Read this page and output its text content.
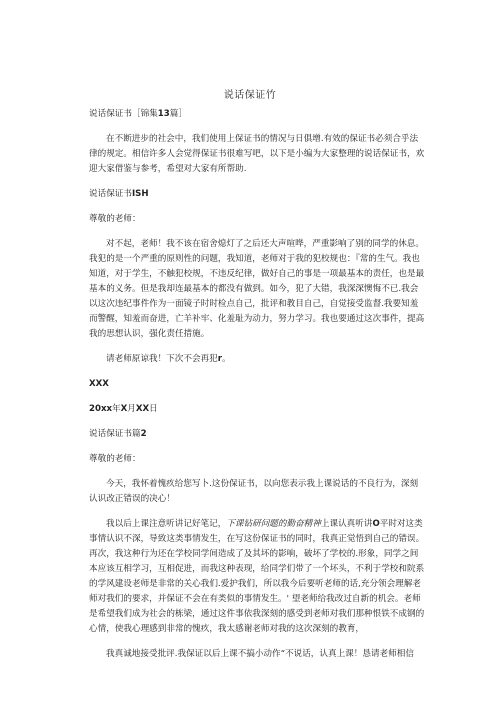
说话保证竹

说话保证书［锦集13篇］

在不断进步的社会中，我们使用上保证书的情况与日俱增.有效的保证书必须合乎法律的规定。相信许多人会觉得保证书很难写吧，以下是小编为大家整理的说话保证书，欢迎大家借鉴与参考，希望对大家有所帮助.

说话保证书ISH

尊敬的老师：

对不起，老师！我不该在宿舍熄灯了之后还大声喧哗，严重影响了别的同学的休息。我犯的是一个严重的原则性的问题，我知道，老师对于我的犯校规也：『常的生气。我也知道，对于学生，不触犯校规，不违反纪律，做好自己的事是一项最基本的责任，也是最基本的义务。但是我却连最基本的都没有做到。如今，犯了大错，我深深懊悔不已.我会以这次违纪事件作为一面镜子时时检点自己，批评和教目自己，自觉接受监督.我要知羞而警醒，知羞而奋进，亡羊补牢、化羞耻为动力，努力学习。我也要通过这次事件，提高我的思想认识，强化责任措施。

请老师原谅我！下次不会再犯r。

XXX

20xx年X月XX日

说话保证书篇2

尊敬的老师：

今天，我怀着愧疚给您写卜.这份保证书，以向您表示我上课说话的不良行为，深刻认识改正错误的决心！

我以后上课注意听讲记好笔记，下课钻研问题的勤奋精神上课认真听讲O平时对这类事情认识不深，导致这类事情发生，在写这份保证书的同时，我真正觉悟到自己的错误。再次，我这种行为还在学校同学间造成了及其坏的影响，破坏了学校的.形象，同学之间本应该互相学习，互相促进，而我这种表现，给同学们带了一个坏头，不利于学校和院系的学风建设老师是非常的关心我们.爱护我们，所以我今后要听老师的话,充分领会理解老师对我们的要求，并保证不会在有类似的事情发生。' 望老师给我改过自新的机会。老师是希望我们成为社会的栋梁，通过这件事依我深刻的感受到老师对我们那种恨铁不成钢的心情，使我心理感到非常的愧疚，我太感谢老师对我的这次深刻的教育，

我真诚地接受批评.我保证以后上课不搞小动作“不说话，认真上课！恳请老师相信
